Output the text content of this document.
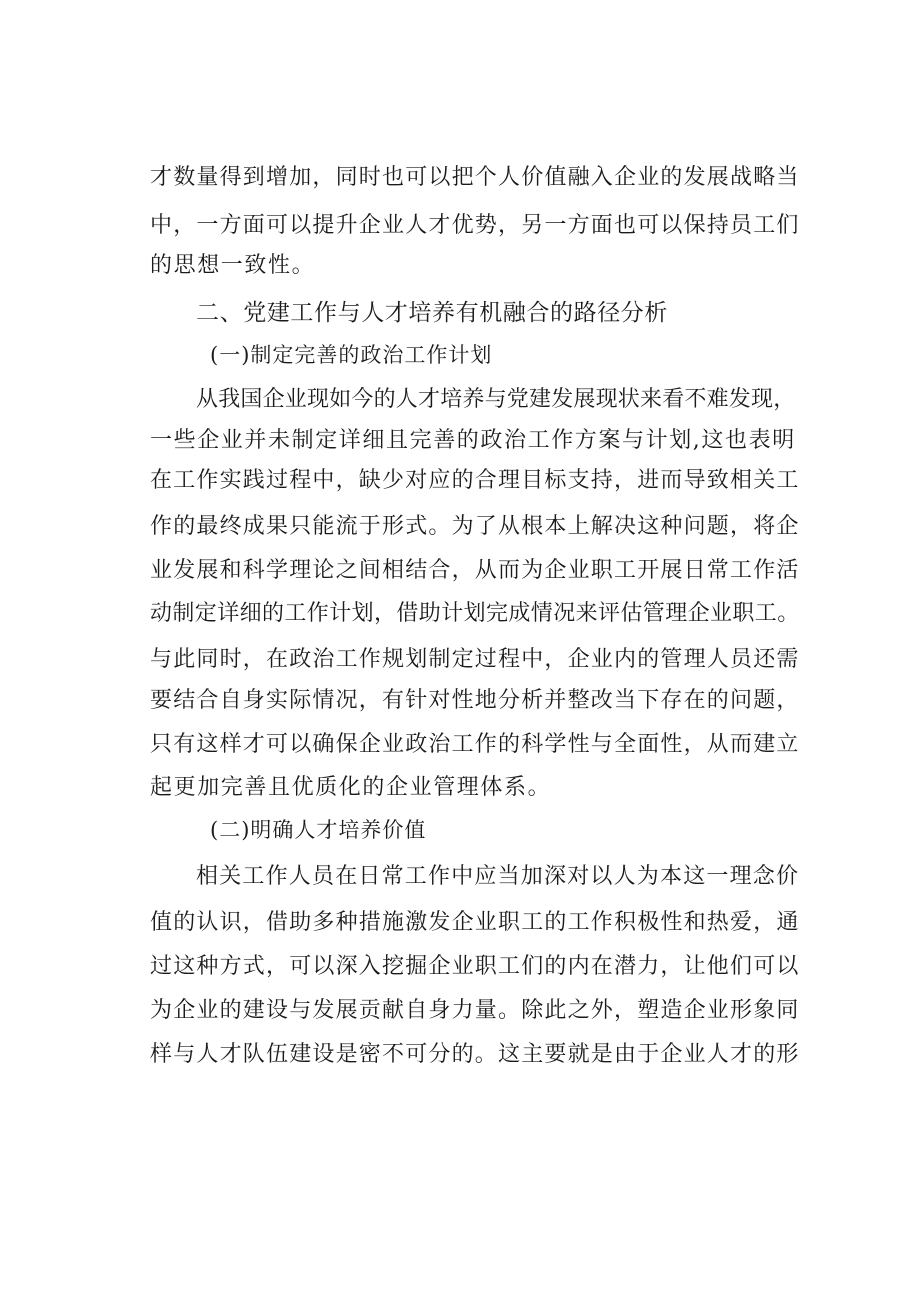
才数量得到增加，同时也可以把个人价值融入企业的发展战略当
中，一方面可以提升企业人才优势，另一方面也可以保持员工们
的思想一致性。
二、党建工作与人才培养有机融合的路径分析
(一)制定完善的政治工作计划
从我国企业现如今的人才培养与党建发展现状来看不难发现，
一些企业并未制定详细且完善的政治工作方案与计划,这也表明
在工作实践过程中，缺少对应的合理目标支持，进而导致相关工
作的最终成果只能流于形式。为了从根本上解决这种问题，将企
业发展和科学理论之间相结合，从而为企业职工开展日常工作活
动制定详细的工作计划，借助计划完成情况来评估管理企业职工。
与此同时，在政治工作规划制定过程中，企业内的管理人员还需
要结合自身实际情况，有针对性地分析并整改当下存在的问题，
只有这样才可以确保企业政治工作的科学性与全面性，从而建立
起更加完善且优质化的企业管理体系。
(二)明确人才培养价值
相关工作人员在日常工作中应当加深对以人为本这一理念价
值的认识，借助多种措施激发企业职工的工作积极性和热爱，通
过这种方式，可以深入挖掘企业职工们的内在潜力，让他们可以
为企业的建设与发展贡献自身力量。除此之外，塑造企业形象同
样与人才队伍建设是密不可分的。这主要就是由于企业人才的形
